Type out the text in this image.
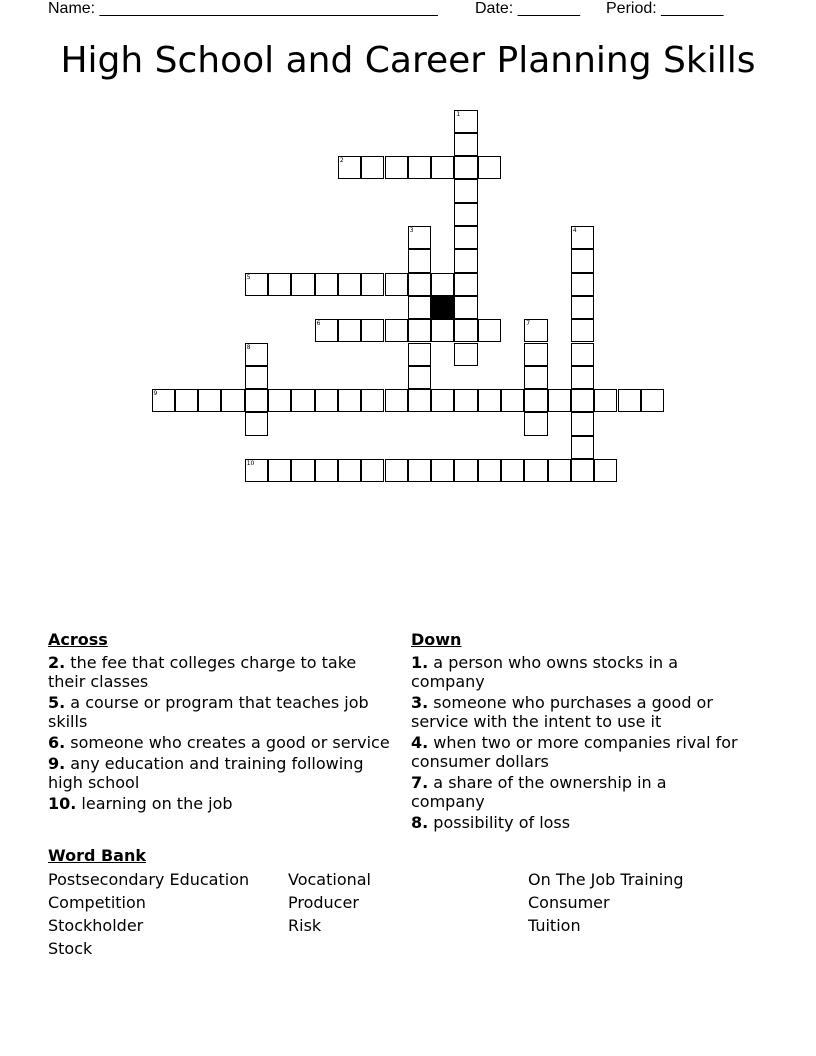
Name: ______________________________________ Date: _______ Period: _______
High School and Career Planning Skills
1
2
3	4
5
6	7
8
9
10
Across
2. the fee that colleges charge to take their classes
5. a course or program that teaches job skills
6. someone who creates a good or service
9. any education and training following high school
10. learning on the job
Down
1. a person who owns stocks in a company
3. someone who purchases a good or service with the intent to use it
4. when two or more companies rival for consumer dollars
7. a share of the ownership in a company
8. possibility of loss
Word Bank
Postsecondary Education
Competition
Stockholder
Stock
Vocational
Producer
Risk
On The Job Training
Consumer
Tuition
